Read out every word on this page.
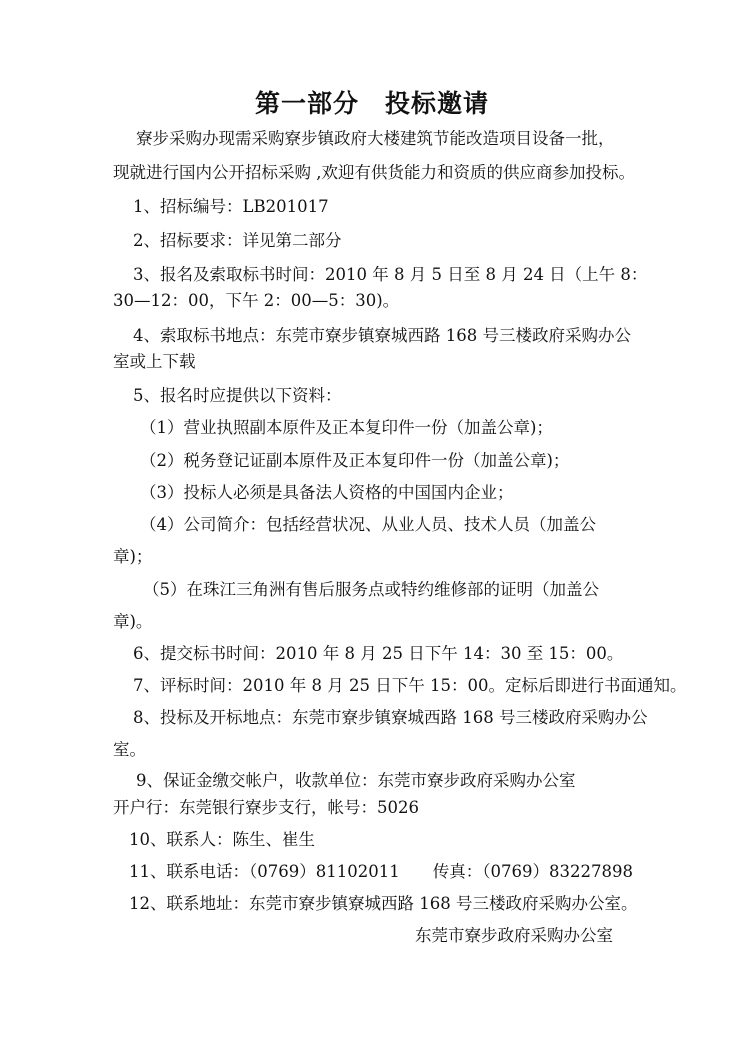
第一部分　投标邀请
寮步采购办现需采购寮步镇政府大楼建筑节能改造项目设备一批，
现就进行国内公开招标采购 ,欢迎有供货能力和资质的供应商参加投标。
1、招标编号：LB201017
2、招标要求：详见第二部分
3、报名及索取标书时间：2010 年 8 月 5 日至 8 月 24 日（上午 8：
30—12：00，下午 2：00—5：30)。
4、索取标书地点：东莞市寮步镇寮城西路 168 号三楼政府采购办公
室或上下载
5、报名时应提供以下资料：
（1）营业执照副本原件及正本复印件一份（加盖公章)；
（2）税务登记证副本原件及正本复印件一份（加盖公章)；
（3）投标人必须是具备法人资格的中国国内企业；
（4）公司简介：包括经营状况、从业人员、技术人员（加盖公
章)；
（5）在珠江三角洲有售后服务点或特约维修部的证明（加盖公
章)。
6、提交标书时间：2010 年 8 月 25 日下午 14：30 至 15：00。
7、评标时间：2010 年 8 月 25 日下午 15：00。定标后即进行书面通知。
8、投标及开标地点：东莞市寮步镇寮城西路 168 号三楼政府采购办公
室。
9、保证金缴交帐户，收款单位：东莞市寮步政府采购办公室
开户行：东莞银行寮步支行，帐号：5026
10、联系人：陈生、崔生
11、联系电话：（0769）81102011　　传真：（0769）83227898
12、联系地址：东莞市寮步镇寮城西路 168 号三楼政府采购办公室。
东莞市寮步政府采购办公室
